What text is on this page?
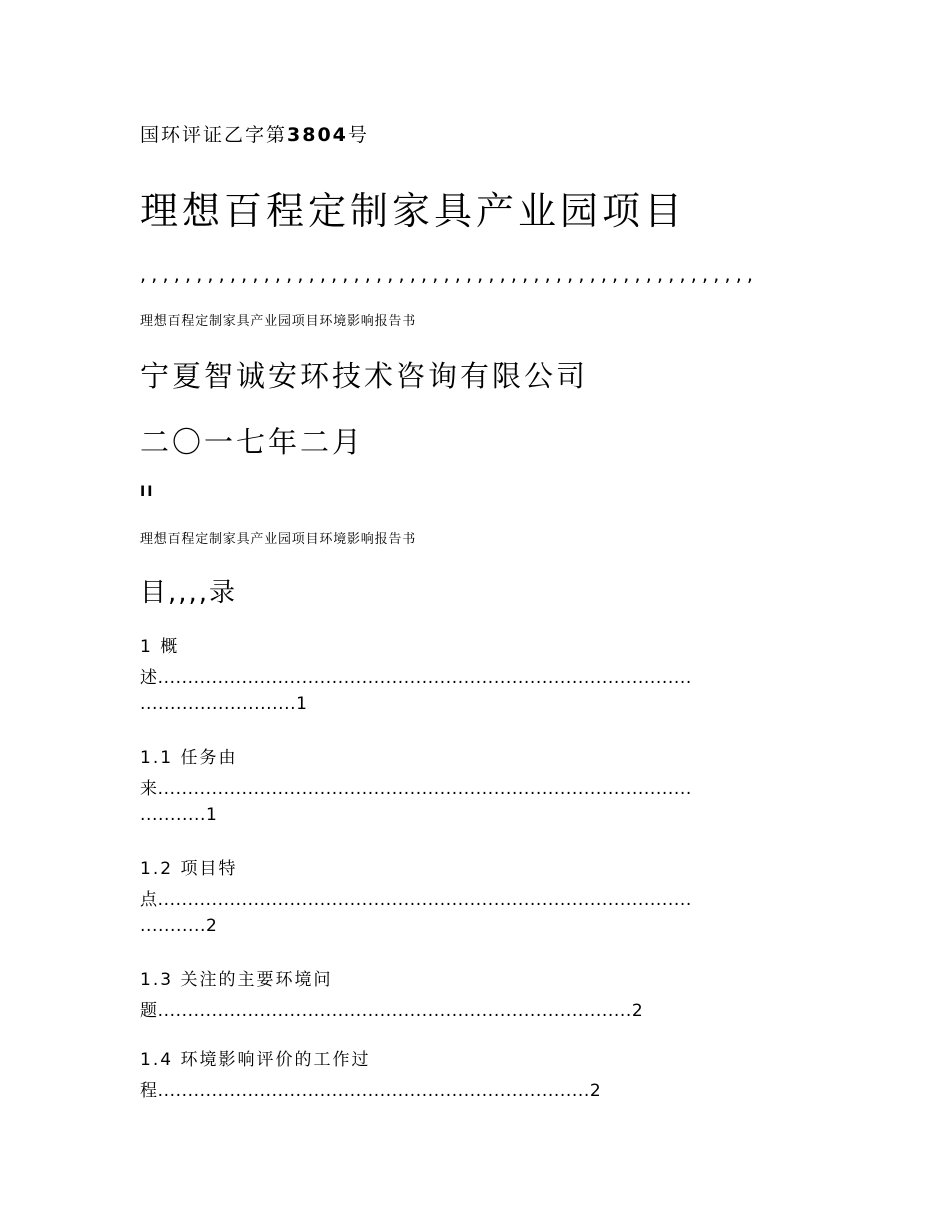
国环评证乙字第3804号
理想百程定制家具产业园项目
,,,,,,,,,,,,,,,,,,,,,,,,,,,,,,,,,,,,,,,,,,,,,,,,,,,,,,,
理想百程定制家具产业园项目环境影响报告书
宁夏智诚安环技术咨询有限公司
二〇一七年二月
II
理想百程定制家具产业园项目环境影响报告书
目,,,,录
1 概
述.........................................................................................
..........................1
1.1 任务由
来.........................................................................................
...........1
1.2 项目特
点.........................................................................................
...........2
1.3 关注的主要环境问
题...............................................................................2
1.4 环境影响评价的工作过
程........................................................................2
